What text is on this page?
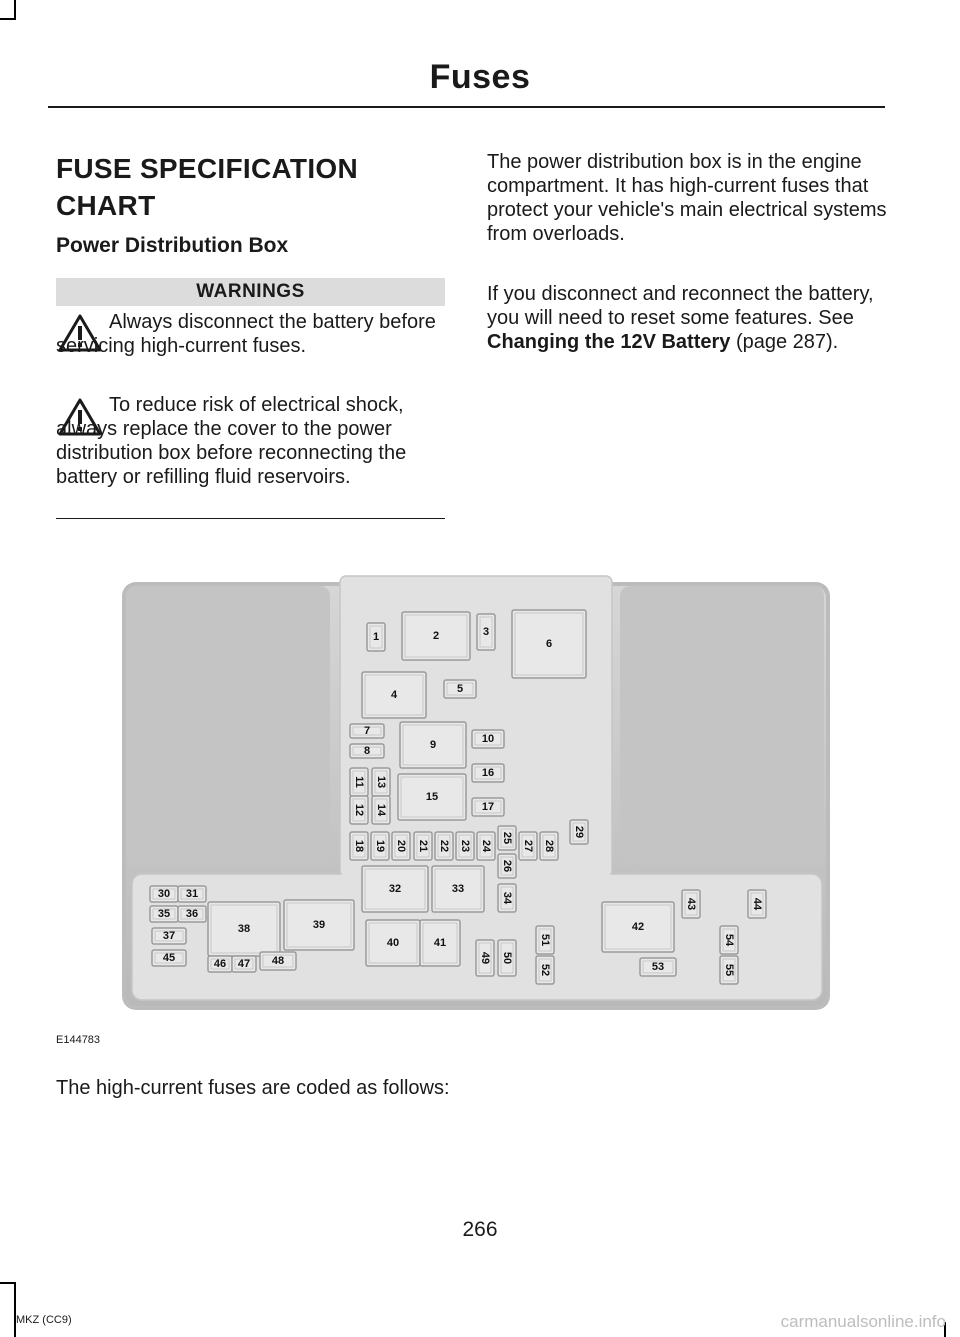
Fuses
FUSE SPECIFICATION CHART
Power Distribution Box
WARNINGS
Always disconnect the battery before servicing high-current fuses.
To reduce risk of electrical shock, always replace the cover to the power distribution box before reconnecting the battery or refilling fluid reservoirs.
The power distribution box is in the engine compartment. It has high-current fuses that protect your vehicle's main electrical systems from overloads.
If you disconnect and reconnect the battery, you will need to reset some features. See Changing the 12V Battery (page 287).
1	2	3
4	5
6
7
8	9	10
11
12
13
14
15
16
17
18 19 20 21 22 23 24
25
26
27 28
29
30 31	32	33
34
35 36
37
38	39
40	41
42
43	44
45	46 47 48	49 50
51
52	53
54
55
E144783
The high-current fuses are coded as follows:
266
MKZ (CC9)	carmanualsonline.info
